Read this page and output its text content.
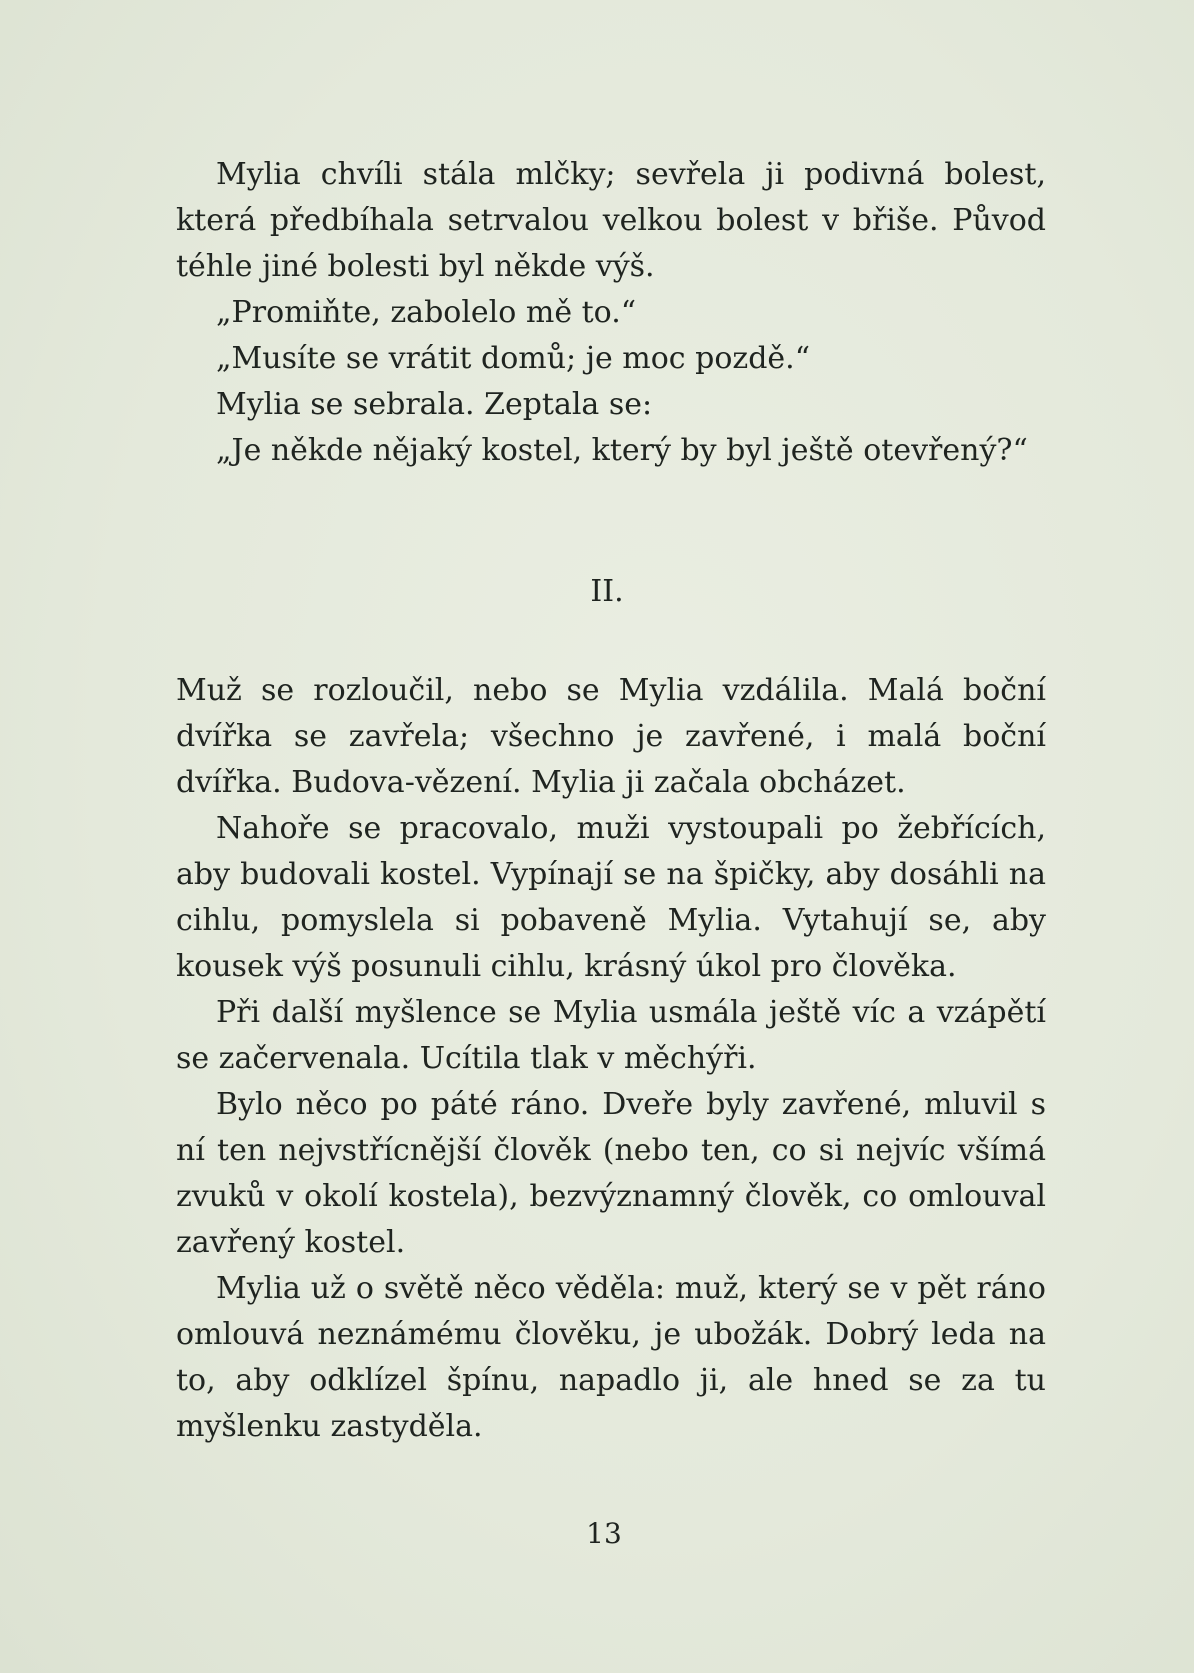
Mylia chvíli stála mlčky; sevřela ji podivná bolest, která předbíhala setrvalou velkou bolest v břiše. Původ téhle jiné bolesti byl někde výš.

„Promiňte, zabolelo mě to.“

„Musíte se vrátit domů; je moc pozdě.“

Mylia se sebrala. Zeptala se:

„Je někde nějaký kostel, který by byl ještě otevřený?“

II.

Muž se rozloučil, nebo se Mylia vzdálila. Malá boční dvířka se zavřela; všechno je zavřené, i malá boční dvířka. Budova-vězení. Mylia ji začala obcházet.

Nahoře se pracovalo, muži vystoupali po žebřících, aby budovali kostel. Vypínají se na špičky, aby dosáhli na cihlu, pomyslela si pobaveně Mylia. Vytahují se, aby kousek výš posunuli cihlu, krásný úkol pro člověka.

Při další myšlence se Mylia usmála ještě víc a vzápětí se začervenala. Ucítila tlak v měchýři.

Bylo něco po páté ráno. Dveře byly zavřené, mluvil s ní ten nejvstřícnější člověk (nebo ten, co si nejvíc všímá zvuků v okolí kostela), bezvýznamný člověk, co omlouval zavřený kostel.

Mylia už o světě něco věděla: muž, který se v pět ráno omlouvá neznámému člověku, je ubožák. Dobrý leda na to, aby odklízel špínu, napadlo ji, ale hned se za tu myšlenku zastyděla.

13
